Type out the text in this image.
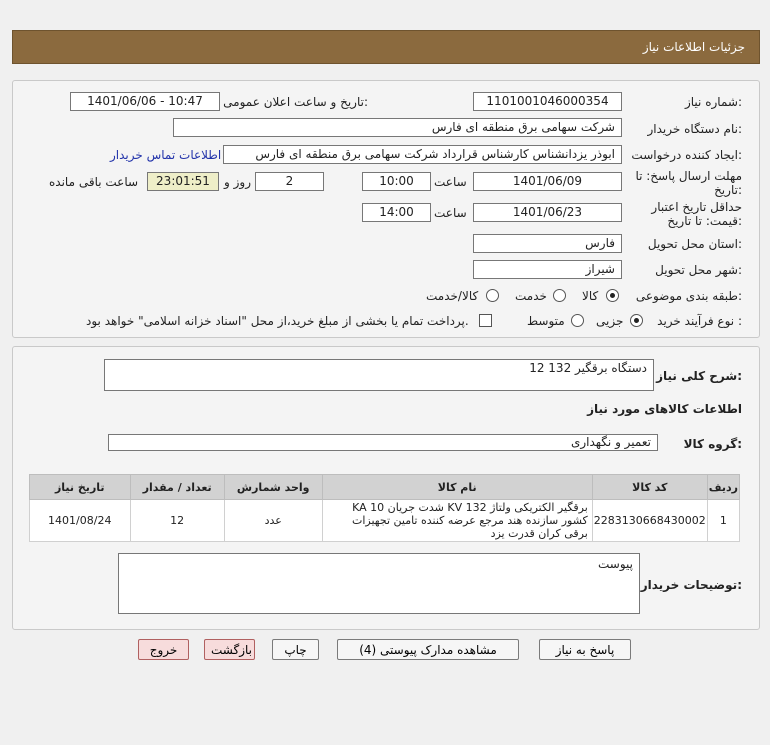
جزئیات اطلاعات نیاز
شماره نیاز:
1101001046000354
تاریخ و ساعت اعلان عمومی:
1401/06/06 - 10:47
نام دستگاه خریدار:
شرکت سهامی برق منطقه ای فارس
ایجاد کننده درخواست:
ابوذر یزدانشناس کارشناس قرارداد شرکت سهامی برق منطقه ای فارس
اطلاعات تماس خریدار
مهلت ارسال پاسخ: تا
تاریخ:
1401/06/09
ساعت
10:00
2
روز و
23:01:51
ساعت باقی مانده
حداقل تاریخ اعتبار
قیمت: تا تاریخ:
1401/06/23
ساعت
14:00
استان محل تحویل:
فارس
شهر محل تحویل:
شیراز
طبقه بندی موضوعی:
کالا
خدمت
کالا/خدمت
نوع فرآیند خرید :
جزیی
متوسط
پرداخت تمام یا بخشی از مبلغ خرید،از محل "اسناد خزانه اسلامی" خواهد بود.
شرح کلی نیاز:
12 دستگاه برقگیر 132
اطلاعات کالاهای مورد نیاز
گروه کالا:
تعمیر و نگهداری
ردیف	کد کالا	نام کالا	واحد شمارش	تعداد / مقدار	تاریخ نیاز
1	2283130668430002	برقگیر الکتریکی ولتاژ KV 132 شدت جریان KA 10 کشور سازنده هند مرجع عرضه کننده تامین تجهیزات برقی کران قدرت یزد	عدد	12	1401/08/24
توضیحات خریدار:
پیوست
پاسخ به نیاز
مشاهده مدارک پیوستی (4)
چاپ
بازگشت
خروج
